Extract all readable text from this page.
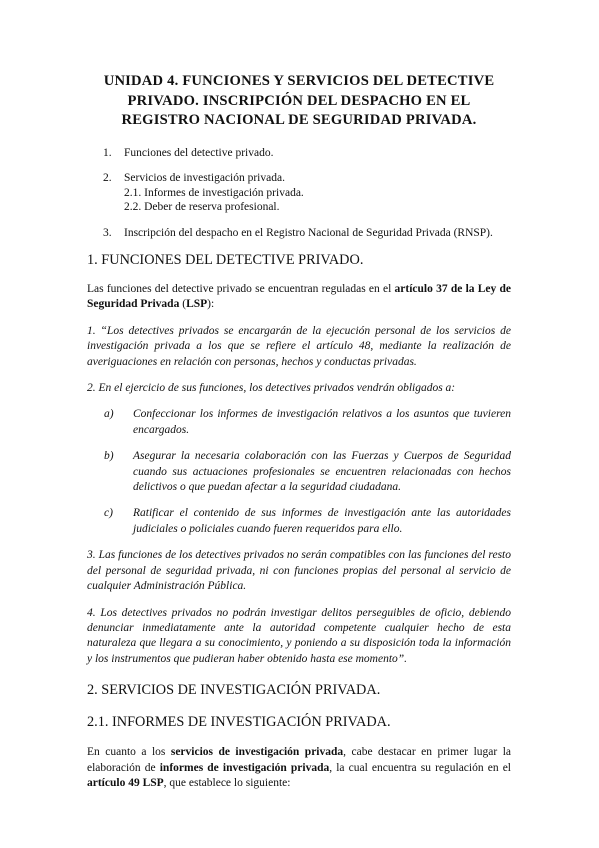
UNIDAD 4. FUNCIONES Y SERVICIOS DEL DETECTIVE
PRIVADO. INSCRIPCIÓN DEL DESPACHO EN EL
REGISTRO NACIONAL DE SEGURIDAD PRIVADA.
1.	Funciones del detective privado.
2.	Servicios de investigación privada.
2.1. Informes de investigación privada.
2.2. Deber de reserva profesional.
3.	Inscripción del despacho en el Registro Nacional de Seguridad Privada (RNSP).
1. FUNCIONES DEL DETECTIVE PRIVADO.

Las funciones del detective privado se encuentran reguladas en el artículo 37 de la Ley de Seguridad Privada (LSP):

1. “Los detectives privados se encargarán de la ejecución personal de los servicios de investigación privada a los que se refiere el artículo 48, mediante la realización de averiguaciones en relación con personas, hechos y conductas privadas.

2. En el ejercicio de sus funciones, los detectives privados vendrán obligados a:

a)	Confeccionar los informes de investigación relativos a los asuntos que tuvieren encargados.
b)	Asegurar la necesaria colaboración con las Fuerzas y Cuerpos de Seguridad cuando sus actuaciones profesionales se encuentren relacionadas con hechos delictivos o que puedan afectar a la seguridad ciudadana.
c)	Ratificar el contenido de sus informes de investigación ante las autoridades judiciales o policiales cuando fueren requeridos para ello.

3. Las funciones de los detectives privados no serán compatibles con las funciones del resto del personal de seguridad privada, ni con funciones propias del personal al servicio de cualquier Administración Pública.

4. Los detectives privados no podrán investigar delitos perseguibles de oficio, debiendo denunciar inmediatamente ante la autoridad competente cualquier hecho de esta naturaleza que llegara a su conocimiento, y poniendo a su disposición toda la información y los instrumentos que pudieran haber obtenido hasta ese momento”.

2. SERVICIOS DE INVESTIGACIÓN PRIVADA.
2.1. INFORMES DE INVESTIGACIÓN PRIVADA.

En cuanto a los servicios de investigación privada, cabe destacar en primer lugar la elaboración de informes de investigación privada, la cual encuentra su regulación en el artículo 49 LSP, que establece lo siguiente:
